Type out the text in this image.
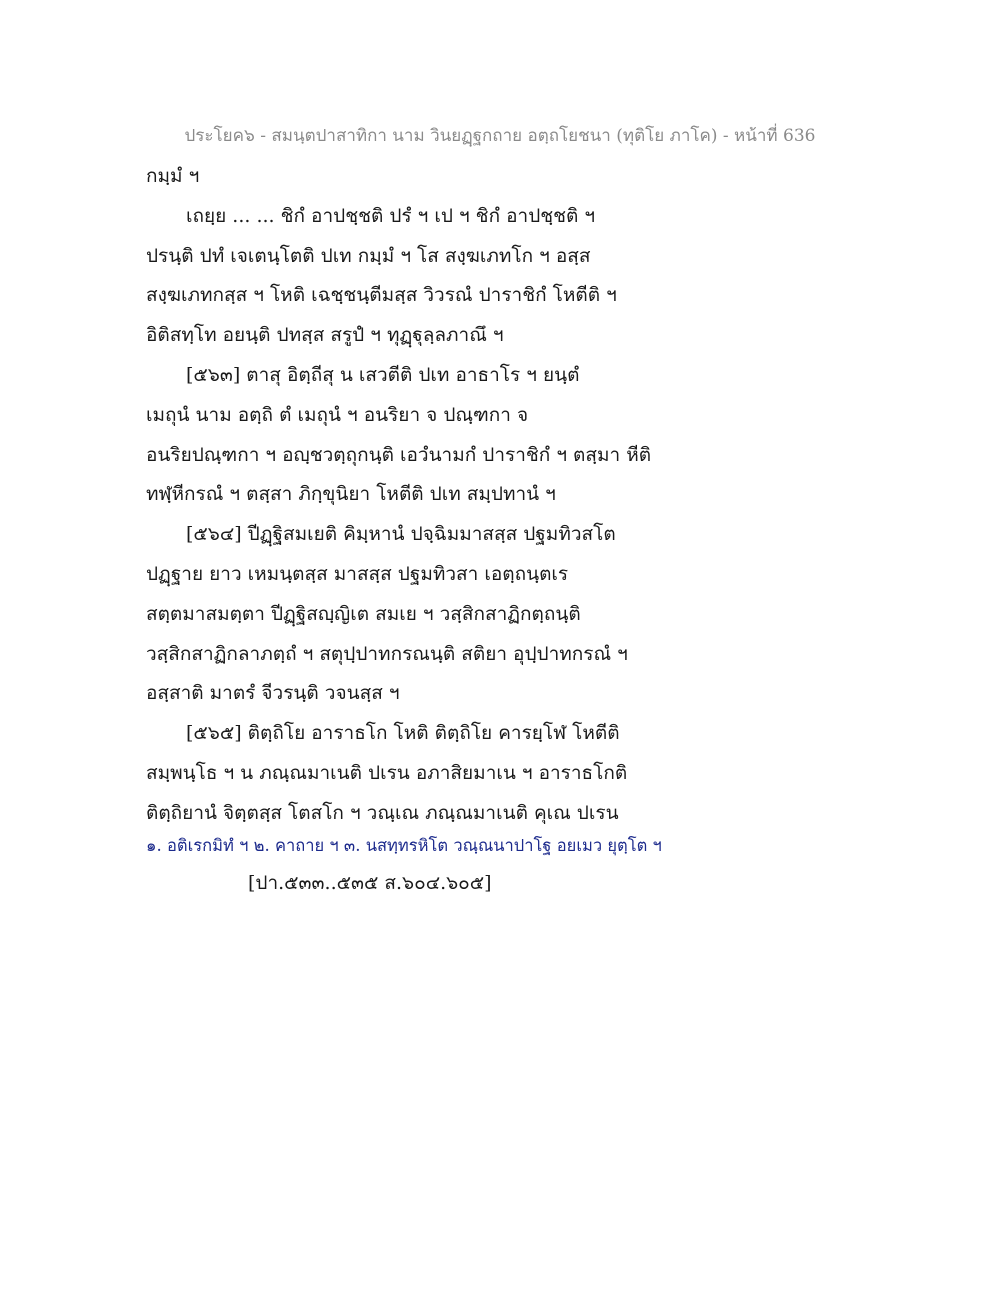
ประโยค๖ - สมนฺตปาสาทิกา นาม วินยฏฺฐกถาย อตฺถโยชนา (ทุติโย ภาโค) - หน้าที่ 636
กมฺมํ ฯ
เถยฺย ... ... ชิกํ อาปชฺชติ ปรํ ฯ เป ฯ ชิกํ อาปชฺชติ ฯ
ปรนฺติ ปทํ เจเตนฺโตติ ปเท กมฺมํ ฯ โส สงฺฆเภทโก ฯ อสฺส
สงฺฆเภทกสฺส ฯ โหติ เฉชฺชนฺตีมสฺส วิวรณํ ปาราชิกํ โหตีติ ฯ
อิติสทฺโท อยนฺติ ปทสฺส สรูปํ ฯ ทุฏฺฐุลฺลภาณึ ฯ
[๕๖๓] ตาสุ อิตฺถีสุ น เสวตีติ ปเท อาธาโร ฯ ยนฺตํ
เมถุนํ นาม อตฺถิ ตํ เมถุนํ ฯ อนริยา จ ปณฺฑกา จ
อนริยปณฺฑกา ฯ อญฺชวตฺถุกนฺติ เอวํนามกํ ปาราชิกํ ฯ ตสฺมา หีติ
ทฬฺหีกรณํ ฯ ตสฺสา ภิกฺขุนิยา โหตีติ ปเท สมฺปทานํ ฯ
[๕๖๔] ปีฏฺฐิสมเยติ คิมฺหานํ ปจฺฉิมมาสสฺส ปฐมทิวสโต
ปฏฺฐาย ยาว เหมนฺตสฺส มาสสฺส ปฐมทิวสา เอตฺถนฺตเร
สตฺตมาสมตฺตา ปีฏฺฐิสญฺญิเต สมเย ฯ วสฺสิกสาฏิกตฺถนฺติ
วสฺสิกสาฏิกลาภตฺถํ ฯ สตุปฺปาทกรณนฺติ สติยา อุปฺปาทกรณํ ฯ
อสฺสาติ มาตรํ จีวรนฺติ วจนสฺส ฯ
[๕๖๕] ติตฺถิโย อาราธโก โหติ ติตฺถิโย คารยฺโฬ โหตีติ
สมฺพนฺโธ ฯ น ภณฺณมาเนติ ปเรน อภาสิยมาเน ฯ อาราธโกติ
ติตฺถิยานํ จิตฺตสฺส โตสโก ฯ วณฺเณ ภณฺณมาเนติ คุเณ ปเรน
๑. อติเรกมิทํ ฯ ๒. คาถาย ฯ ๓. นสทฺทรหิโต วณฺณนาปาโฐ อยเมว ยุตฺโต ฯ
[ปา.๕๓๓..๕๓๕ ส.๖๐๔.๖๐๕]
